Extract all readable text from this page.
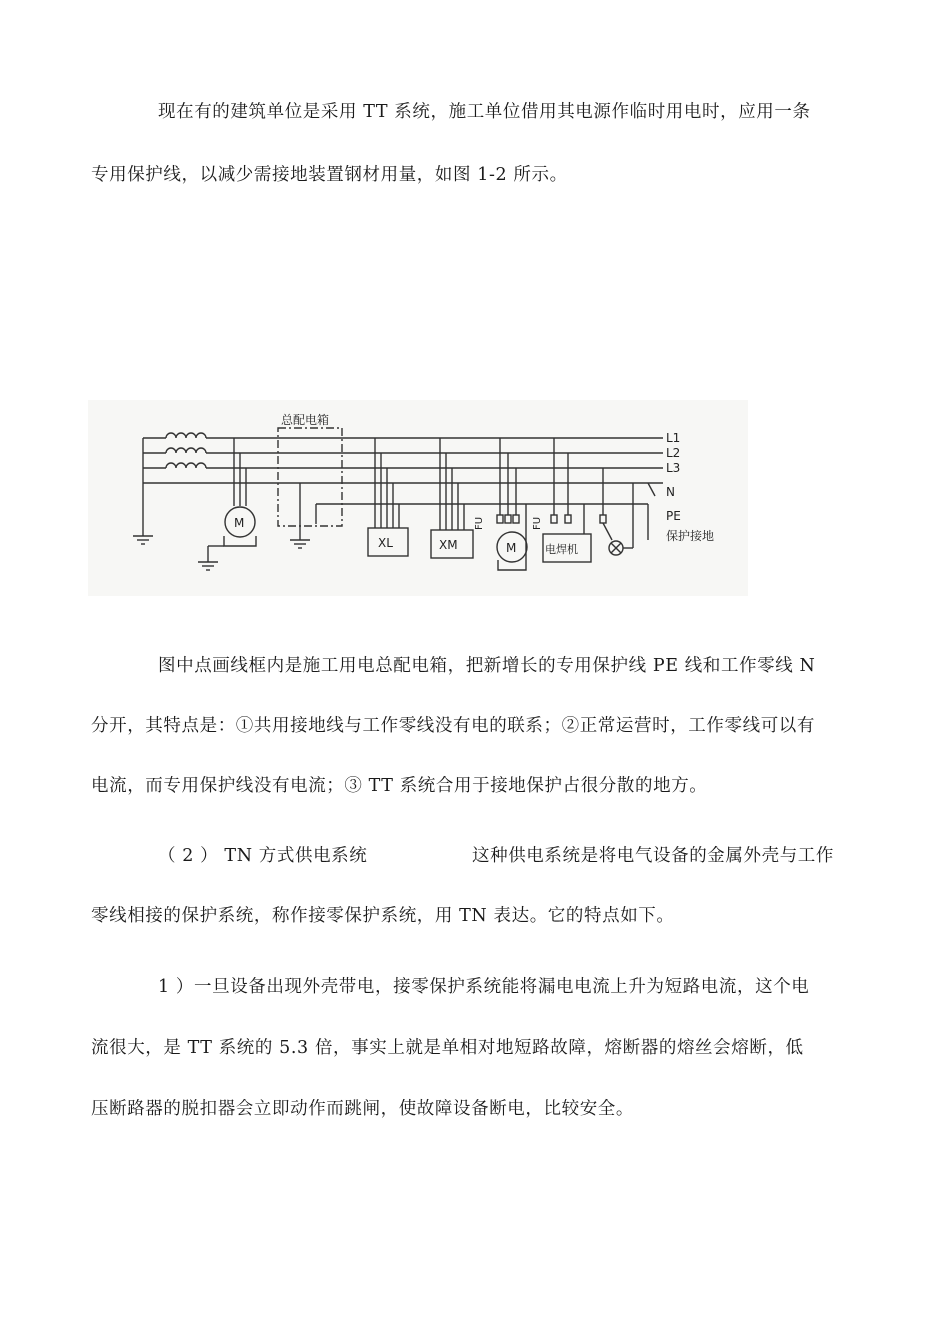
现在有的建筑单位是采用 TT 系统，施工单位借用其电源作临时用电时，应用一条
专用保护线，以减少需接地装置钢材用量，如图 1-2 所示。
总配电箱
L1
L2
L3
N
PE
保护接地
M
XL	XM	M	电焊机
FU	FU
图中点画线框内是施工用电总配电箱，把新增长的专用保护线 PE 线和工作零线 N
分开，其特点是：①共用接地线与工作零线没有电的联系；②正常运营时，工作零线可以有
电流，而专用保护线没有电流；③ TT 系统合用于接地保护占很分散的地方。
（ 2 ） TN 方式供电系统	这种供电系统是将电气设备的金属外壳与工作
零线相接的保护系统，称作接零保护系统，用 TN 表达。它的特点如下。
1 ）一旦设备出现外壳带电，接零保护系统能将漏电电流上升为短路电流，这个电
流很大，是 TT 系统的 5.3 倍，事实上就是单相对地短路故障，熔断器的熔丝会熔断，低
压断路器的脱扣器会立即动作而跳闸，使故障设备断电，比较安全。
